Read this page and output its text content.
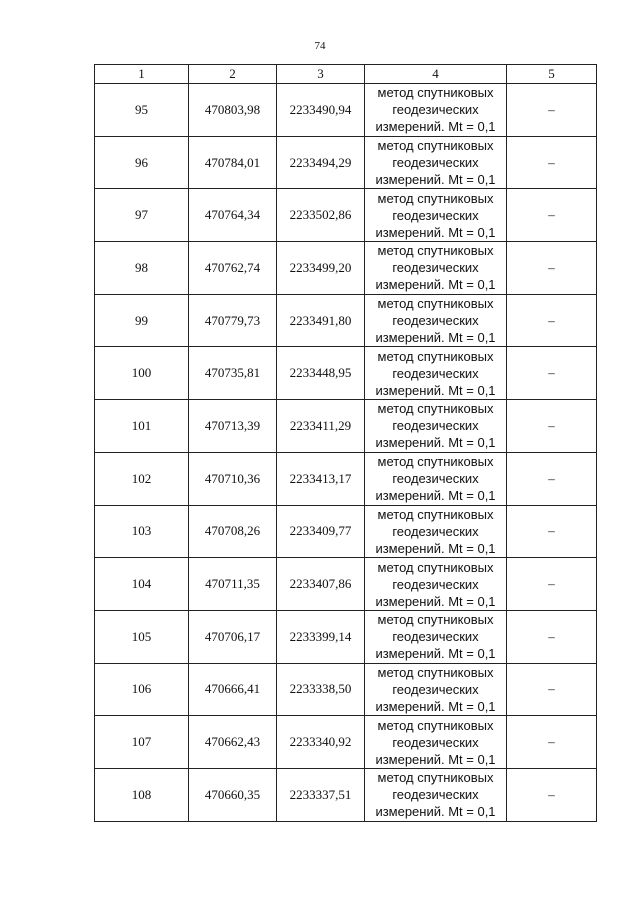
74
1	2	3	4	5
95	470803,98	2233490,94	метод спутниковых
геодезических
измерений. Mt = 0,1	–
96	470784,01	2233494,29	метод спутниковых
геодезических
измерений. Mt = 0,1	–
97	470764,34	2233502,86	метод спутниковых
геодезических
измерений. Mt = 0,1	–
98	470762,74	2233499,20	метод спутниковых
геодезических
измерений. Mt = 0,1	–
99	470779,73	2233491,80	метод спутниковых
геодезических
измерений. Mt = 0,1	–
100	470735,81	2233448,95	метод спутниковых
геодезических
измерений. Mt = 0,1	–
101	470713,39	2233411,29	метод спутниковых
геодезических
измерений. Mt = 0,1	–
102	470710,36	2233413,17	метод спутниковых
геодезических
измерений. Mt = 0,1	–
103	470708,26	2233409,77	метод спутниковых
геодезических
измерений. Mt = 0,1	–
104	470711,35	2233407,86	метод спутниковых
геодезических
измерений. Mt = 0,1	–
105	470706,17	2233399,14	метод спутниковых
геодезических
измерений. Mt = 0,1	–
106	470666,41	2233338,50	метод спутниковых
геодезических
измерений. Mt = 0,1	–
107	470662,43	2233340,92	метод спутниковых
геодезических
измерений. Mt = 0,1	–
108	470660,35	2233337,51	метод спутниковых
геодезических
измерений. Mt = 0,1	–
